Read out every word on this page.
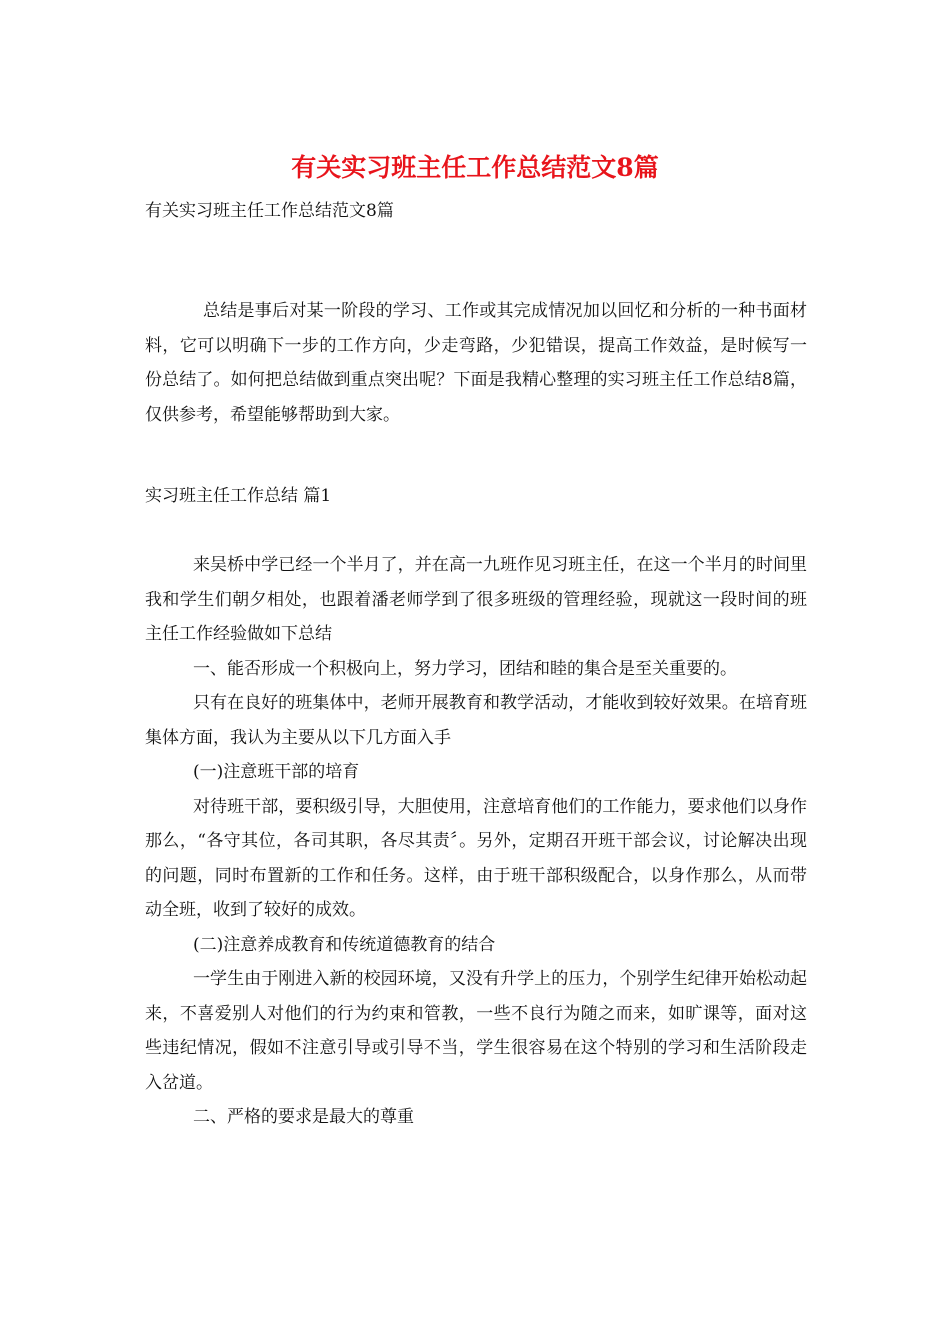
有关实习班主任工作总结范文8篇

有关实习班主任工作总结范文8篇

总结是事后对某一阶段的学习、工作或其完成情况加以回忆和分析的一种书面材料，它可以明确下一步的工作方向，少走弯路，少犯错误，提高工作效益，是时候写一份总结了。如何把总结做到重点突出呢？下面是我精心整理的实习班主任工作总结8篇，仅供参考，希望能够帮助到大家。

实习班主任工作总结 篇1

来吴桥中学已经一个半月了，并在高一九班作见习班主任，在这一个半月的时间里我和学生们朝夕相处，也跟着潘老师学到了很多班级的管理经验，现就这一段时间的班主任工作经验做如下总结

一、能否形成一个积极向上，努力学习，团结和睦的集合是至关重要的。

只有在良好的班集体中，老师开展教育和教学活动，才能收到较好效果。在培育班集体方面，我认为主要从以下几方面入手

(一)注意班干部的培育

对待班干部，要积级引导，大胆使用，注意培育他们的工作能力，要求他们以身作那么，“各守其位，各司其职，各尽其责〞。另外，定期召开班干部会议，讨论解决出现的问题，同时布置新的工作和任务。这样，由于班干部积级配合，以身作那么，从而带动全班，收到了较好的成效。

(二)注意养成教育和传统道德教育的结合

一学生由于刚进入新的校园环境，又没有升学上的压力，个别学生纪律开始松动起来，不喜爱别人对他们的行为约束和管教，一些不良行为随之而来，如旷课等，面对这些违纪情况，假如不注意引导或引导不当，学生很容易在这个特别的学习和生活阶段走入岔道。

二、严格的要求是最大的尊重
